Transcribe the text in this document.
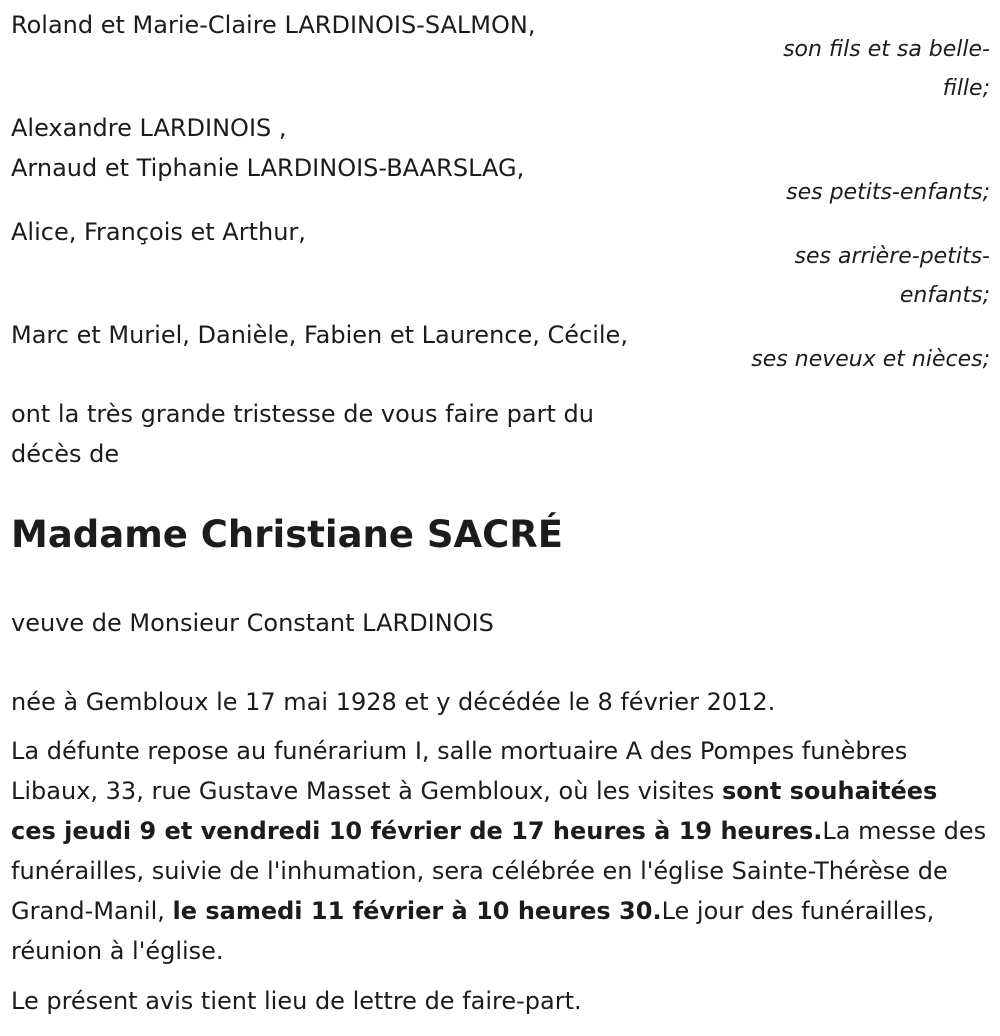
Roland et Marie-Claire LARDINOIS-SALMON,
son fils et sa belle-fille;
Alexandre LARDINOIS ,
Arnaud et Tiphanie LARDINOIS-BAARSLAG,
ses petits-enfants;
Alice, François et Arthur,
ses arrière-petits-enfants;
Marc et Muriel, Danièle, Fabien et Laurence, Cécile,
ses neveux et nièces;
ont la très grande tristesse de vous faire part du
décès de
Madame Christiane SACRÉ
veuve de Monsieur Constant LARDINOIS
née à Gembloux le 17 mai 1928 et y décédée le 8 février 2012.
La défunte repose au funérarium I, salle mortuaire A des Pompes funèbres Libaux, 33, rue Gustave Masset à Gembloux, où les visites sont souhaitées ces jeudi 9 et vendredi 10 février de 17 heures à 19 heures.La messe des funérailles, suivie de l'inhumation, sera célébrée en l'église Sainte-Thérèse de Grand-Manil, le samedi 11 février à 10 heures 30.Le jour des funérailles, réunion à l'église.
Le présent avis tient lieu de lettre de faire-part.
